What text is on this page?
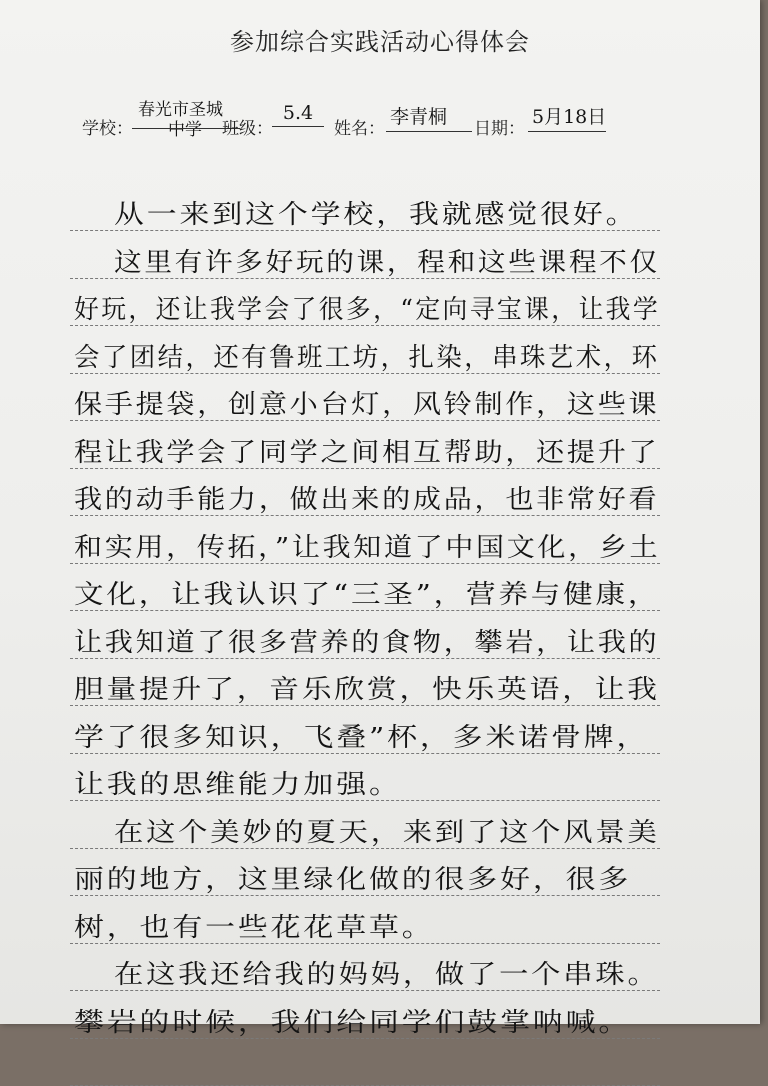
参加综合实践活动心得体会
学校：
春光市圣城
中学	班级：
5.4
姓名：
李青桐
日期：
5月18日
从一来到这个学校，我就感觉很好。
这里有许多好玩的课，程和这些课程不仅
好玩，还让我学会了很多，“定向寻宝课，让我学
会了团结，还有鲁班工坊，扎染，串珠艺术，环
保手提袋，创意小台灯，风铃制作，这些课
程让我学会了同学之间相互帮助，还提升了
我的动手能力，做出来的成品，也非常好看
和实用，传拓，”让我知道了中国文化，乡土
文化，让我认识了“三圣”，营养与健康，
让我知道了很多营养的食物，攀岩，让我的
胆量提升了，音乐欣赏，快乐英语，让我
学了很多知识，飞叠”杯，多米诺骨牌，
让我的思维能力加强。
在这个美妙的夏天，来到了这个风景美
丽的地方，这里绿化做的很多好，很多
树，也有一些花花草草。
在这我还给我的妈妈，做了一个串珠。
攀岩的时候，我们给同学们鼓掌呐喊。
